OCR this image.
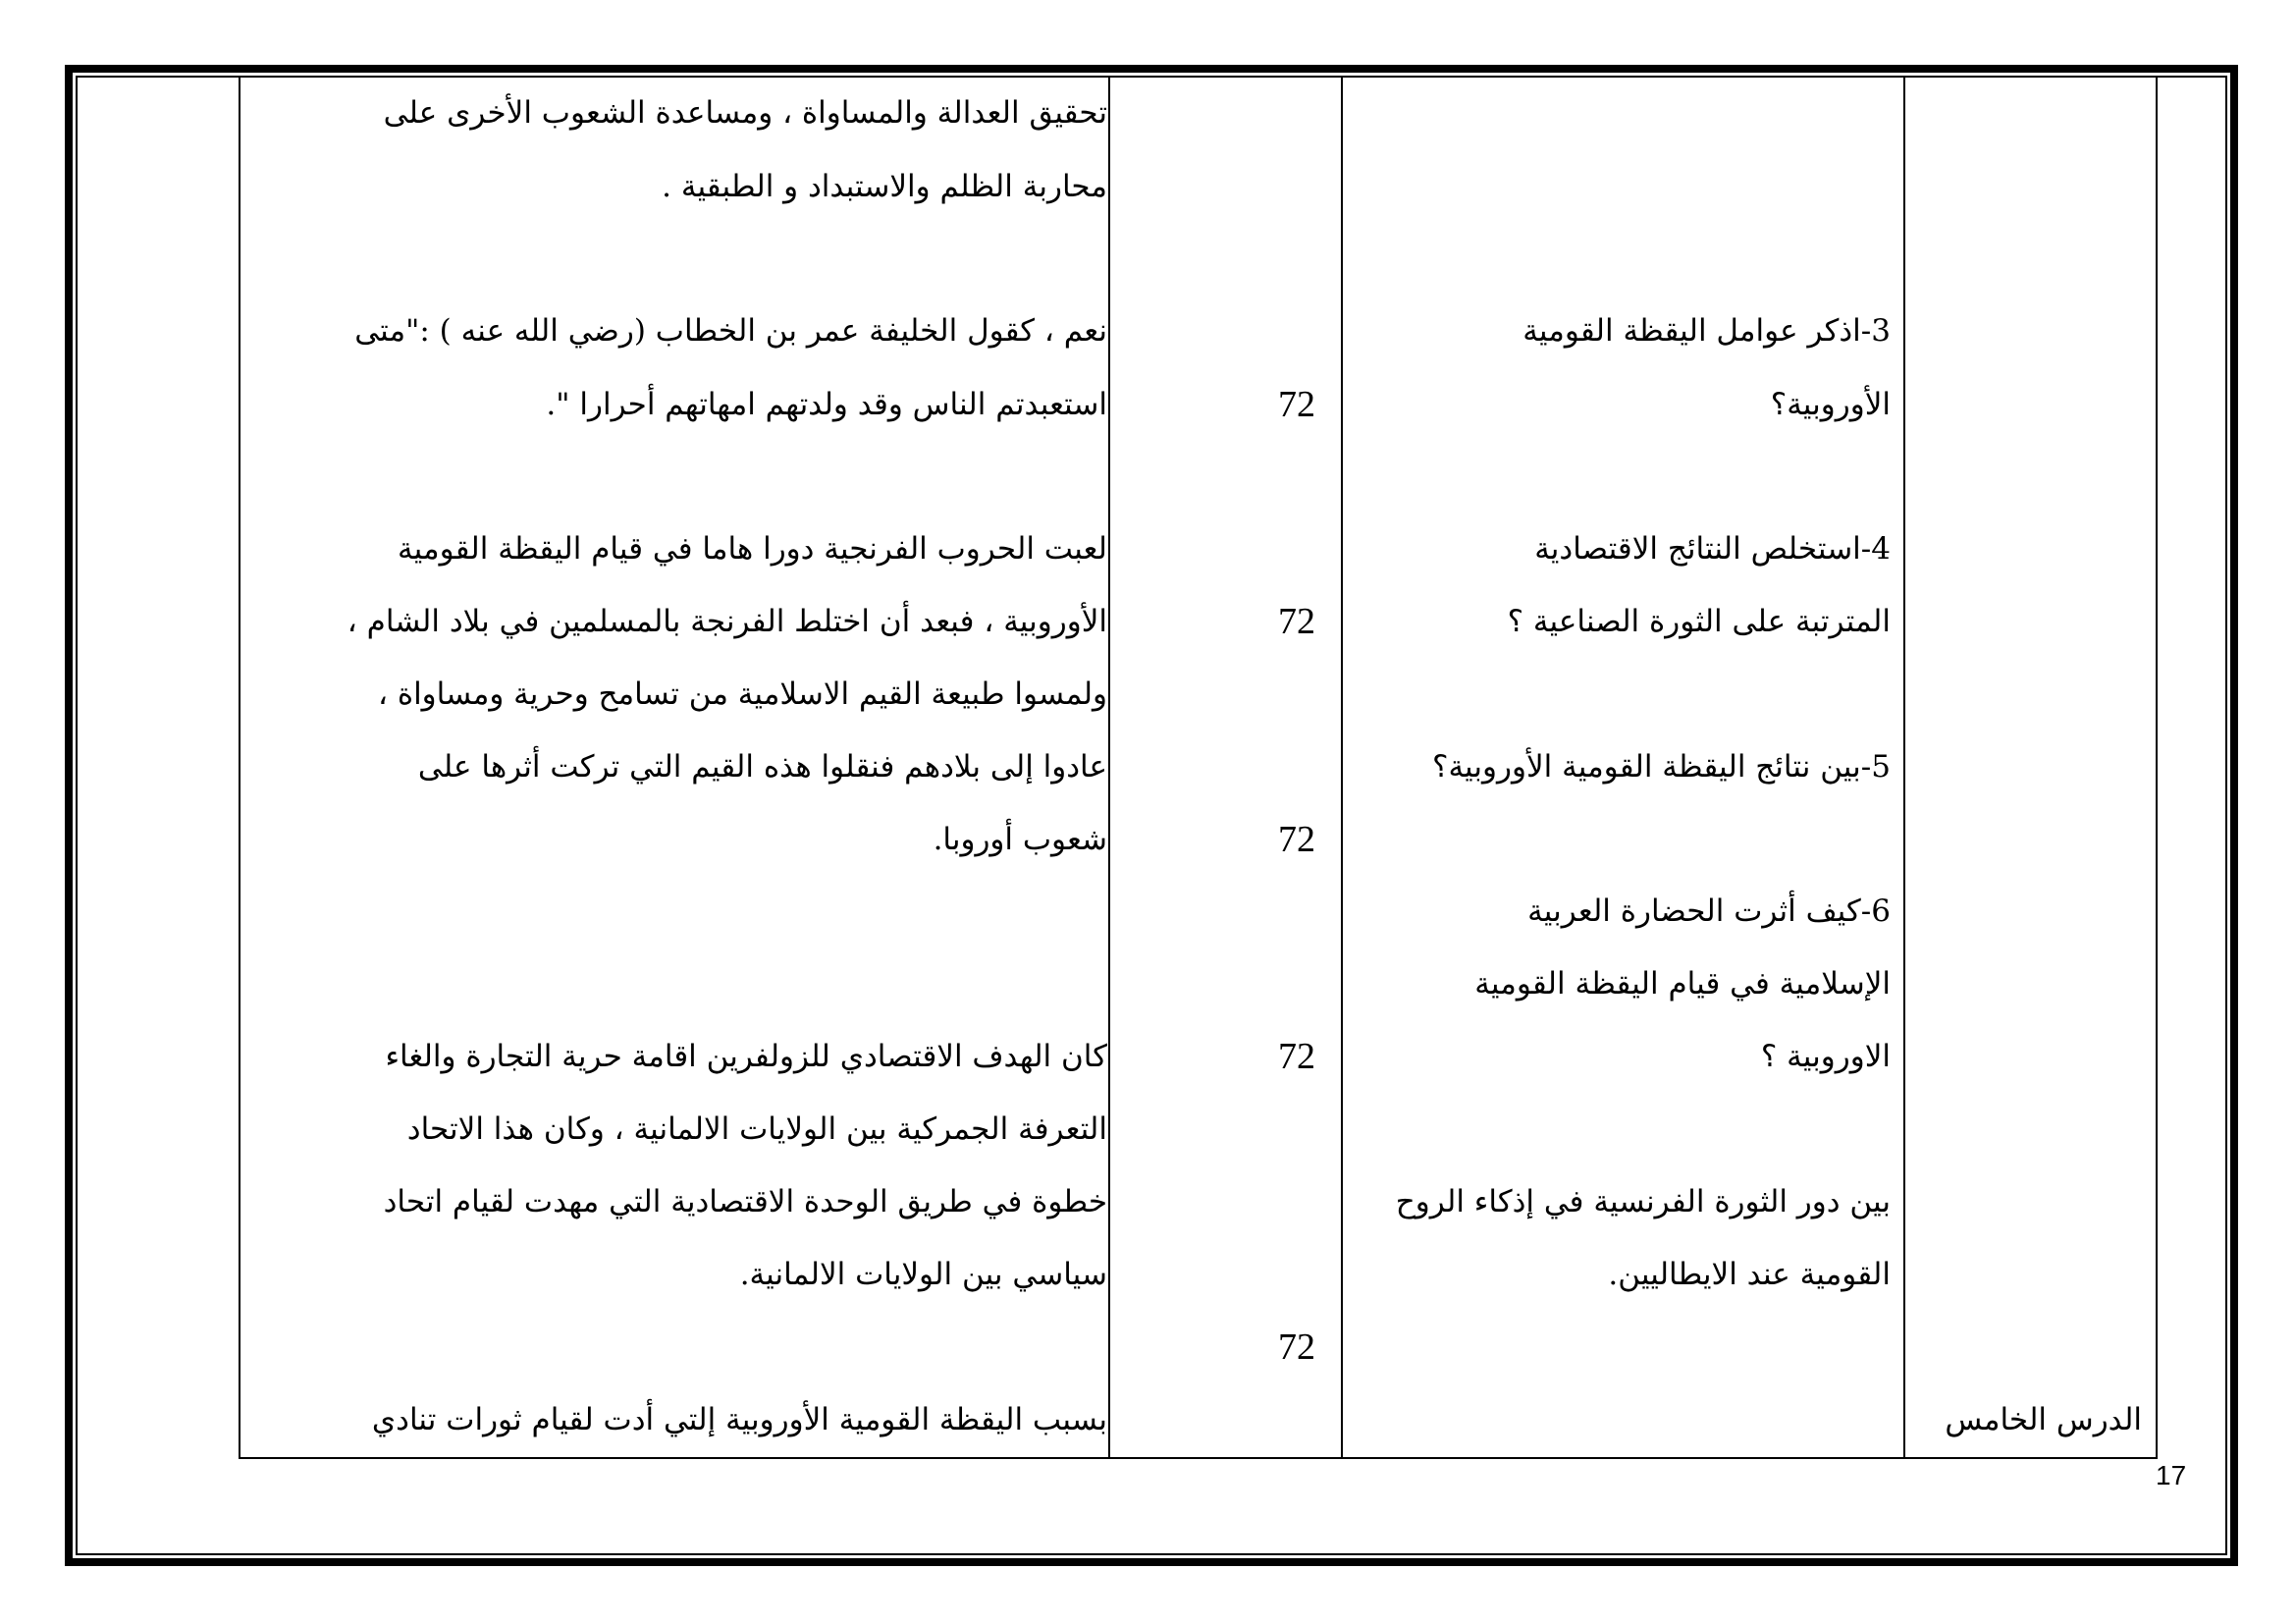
تحقيق العدالة والمساواة ، ومساعدة الشعوب الأخرى على
محاربة الظلم والاستبداد و الطبقية .
نعم ، كقول الخليفة عمر بن الخطاب (رضي الله عنه ) :"متى
استعبدتم الناس وقد ولدتهم امهاتهم أحرارا ".
لعبت الحروب الفرنجية دورا هاما في قيام اليقظة القومية
الأوروبية ، فبعد أن اختلط الفرنجة بالمسلمين في بلاد الشام ،
ولمسوا طبيعة القيم الاسلامية من تسامح وحرية ومساواة ،
عادوا إلى بلادهم فنقلوا هذه القيم التي تركت أثرها على
شعوب أوروبا.
كان الهدف الاقتصادي للزولفرين اقامة حرية التجارة والغاء
التعرفة الجمركية بين الولايات الالمانية ، وكان هذا الاتحاد
خطوة في طريق الوحدة الاقتصادية التي مهدت لقيام اتحاد
سياسي بين الولايات الالمانية.
بسبب اليقظة القومية الأوروبية إلتي أدت لقيام ثورات تنادي
72
72
72
72
72
3-اذكر عوامل اليقظة القومية
الأوروبية؟
4-استخلص النتائج الاقتصادية
المترتبة على الثورة الصناعية ؟
5-بين نتائج اليقظة القومية الأوروبية؟
6-كيف أثرت الحضارة العربية
الإسلامية في قيام اليقظة القومية
الاوروبية ؟
بين دور الثورة الفرنسية في إذكاء الروح
القومية عند الايطاليين.
الدرس الخامس
17
